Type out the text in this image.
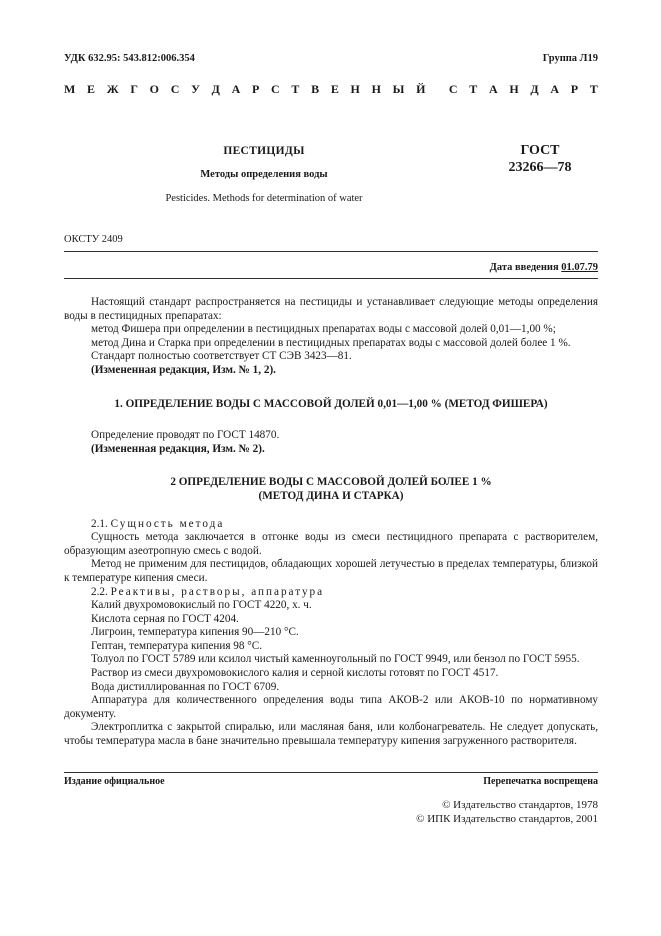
УДК 632.95: 543.812:006.354	Группа Л19
М Е Ж Г О С У Д А Р С Т В Е Н Н Ы Й С Т А Н Д А Р Т
ПЕСТИЦИДЫ
Методы определения воды
Pesticides. Methods for determination of water
ГОСТ
23266—78
ОКСТУ 2409
Дата введения 01.07.79

Настоящий стандарт распространяется на пестициды и устанавливает следующие методы определения воды в пестицидных препаратах:

метод Фишера при определении в пестицидных препаратах воды с массовой долей 0,01—1,00 %;

метод Дина и Старка при определении в пестицидных препаратах воды с массовой долей более 1 %.

Стандарт полностью соответствует СТ СЭВ 3423—81.

(Измененная редакция, Изм. № 1, 2).

1. ОПРЕДЕЛЕНИЕ ВОДЫ С МАССОВОЙ ДОЛЕЙ 0,01—1,00 % (МЕТОД ФИШЕРА)

Определение проводят по ГОСТ 14870.

(Измененная редакция, Изм. № 2).

2 ОПРЕДЕЛЕНИЕ ВОДЫ С МАССОВОЙ ДОЛЕЙ БОЛЕЕ 1 %
(МЕТОД ДИНА И СТАРКА)

2.1. Сущность метода

Сущность метода заключается в отгонке воды из смеси пестицидного препарата с растворителем, образующим азеотропную смесь с водой.

Метод не применим для пестицидов, обладающих хорошей летучестью в пределах температуры, близкой к температуре кипения смеси.

2.2. Реактивы, растворы, аппаратура

Калий двухромовокислый по ГОСТ 4220, х. ч.

Кислота серная по ГОСТ 4204.

Лигроин, температура кипения 90—210 °С.

Гептан, температура кипения 98 °С.

Толуол по ГОСТ 5789 или ксилол чистый каменноугольный по ГОСТ 9949, или бензол по ГОСТ 5955.

Раствор из смеси двухромовокислого калия и серной кислоты готовят по ГОСТ 4517.

Вода дистиллированная по ГОСТ 6709.

Аппаратура для количественного определения воды типа АКОВ-2 или АКОВ-10 по нормативному документу.

Электроплитка с закрытой спиралью, или масляная баня, или колбонагреватель. Не следует допускать, чтобы температура масла в бане значительно превышала температуру кипения загруженного растворителя.

Издание официальное	Перепечатка воспрещена
© Издательство стандартов, 1978
© ИПК Издательство стандартов, 2001
